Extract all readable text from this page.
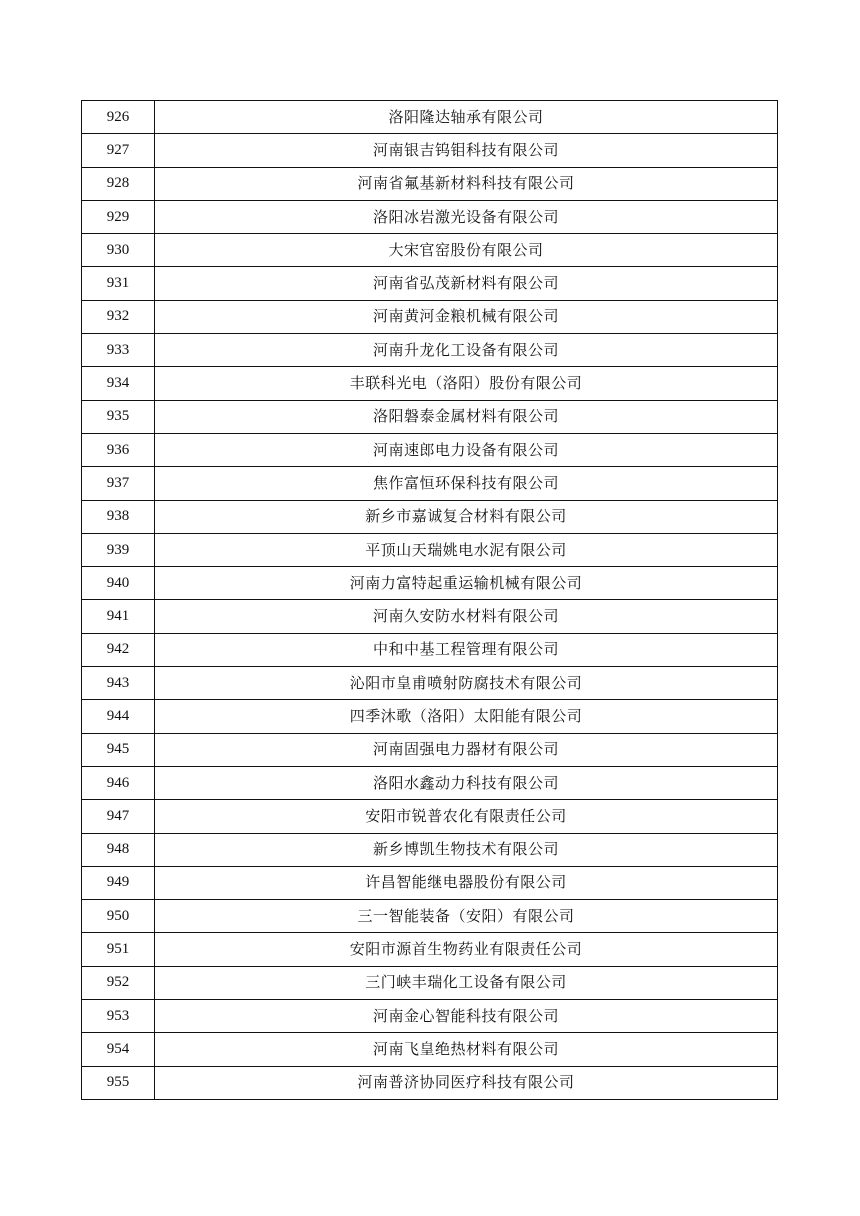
926	洛阳隆达轴承有限公司
927	河南银吉钨钼科技有限公司
928	河南省氟基新材料科技有限公司
929	洛阳冰岩激光设备有限公司
930	大宋官窑股份有限公司
931	河南省弘茂新材料有限公司
932	河南黄河金粮机械有限公司
933	河南升龙化工设备有限公司
934	丰联科光电（洛阳）股份有限公司
935	洛阳磐泰金属材料有限公司
936	河南速郎电力设备有限公司
937	焦作富恒环保科技有限公司
938	新乡市嘉诚复合材料有限公司
939	平顶山天瑞姚电水泥有限公司
940	河南力富特起重运输机械有限公司
941	河南久安防水材料有限公司
942	中和中基工程管理有限公司
943	沁阳市皇甫喷射防腐技术有限公司
944	四季沐歌（洛阳）太阳能有限公司
945	河南固强电力器材有限公司
946	洛阳水鑫动力科技有限公司
947	安阳市锐普农化有限责任公司
948	新乡博凯生物技术有限公司
949	许昌智能继电器股份有限公司
950	三一智能装备（安阳）有限公司
951	安阳市源首生物药业有限责任公司
952	三门峡丰瑞化工设备有限公司
953	河南金心智能科技有限公司
954	河南飞皇绝热材料有限公司
955	河南普济协同医疗科技有限公司
